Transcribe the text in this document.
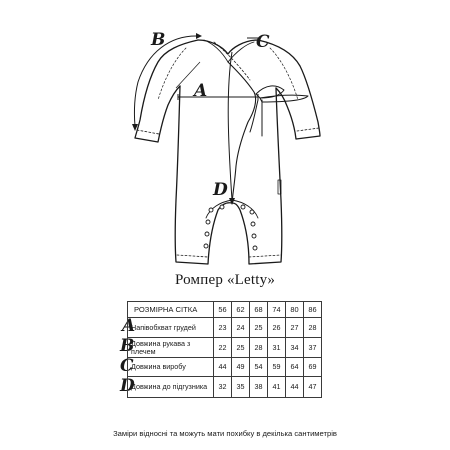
B	C
A
D
A
B
C
D
Ромпер «Letty»
РОЗМІРНА СІТКА	56	62	68	74	80	86
Напівобхват грудей	23	24	25	26	27	28
Довжина рукава з плечем	22	25	28	31	34	37
Довжина виробу	44	49	54	59	64	69
Довжина до підгузника	32	35	38	41	44	47
Заміри відносні та можуть мати похибку в декілька сантиметрів
